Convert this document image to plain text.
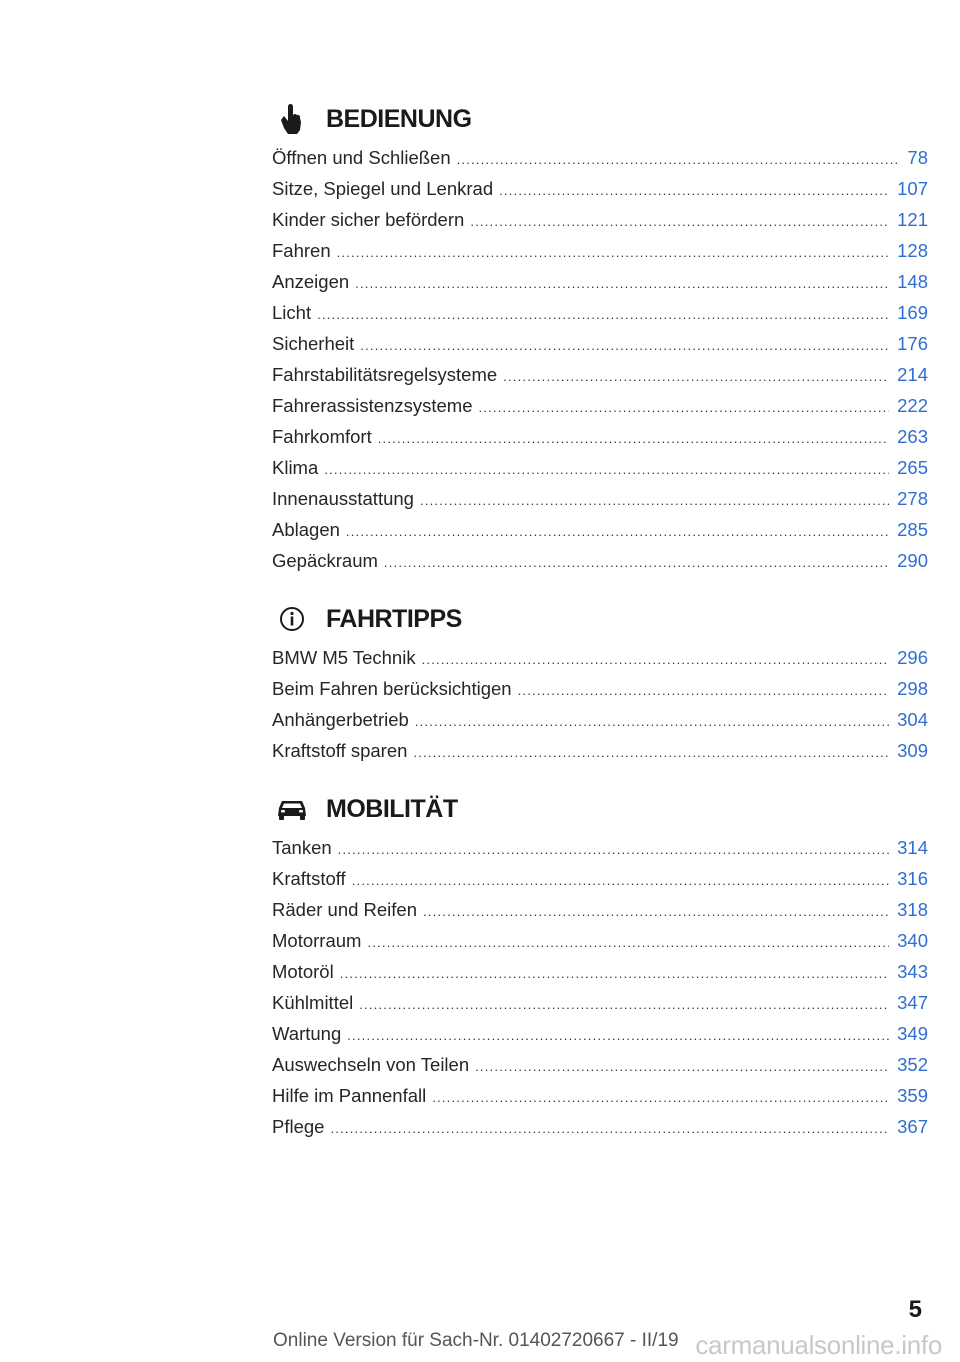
BEDIENUNG
Öffnen und Schließen .....	78
Sitze, Spiegel und Lenkrad .....	107
Kinder sicher befördern .....	121
Fahren .....	128
Anzeigen .....	148
Licht .....	169
Sicherheit .....	176
Fahrstabilitätsregelsysteme .....	214
Fahrerassistenzsysteme .....	222
Fahrkomfort .....	263
Klima .....	265
Innenausstattung .....	278
Ablagen .....	285
Gepäckraum .....	290
FAHRTIPPS
BMW M5 Technik .....	296
Beim Fahren berücksichtigen .....	298
Anhängerbetrieb .....	304
Kraftstoff sparen .....	309
MOBILITÄT
Tanken .....	314
Kraftstoff .....	316
Räder und Reifen .....	318
Motorraum .....	340
Motoröl .....	343
Kühlmittel .....	347
Wartung .....	349
Auswechseln von Teilen .....	352
Hilfe im Pannenfall .....	359
Pflege .....	367
5
Online Version für Sach-Nr. 01402720667 - II/19 carmanualsonline.info
